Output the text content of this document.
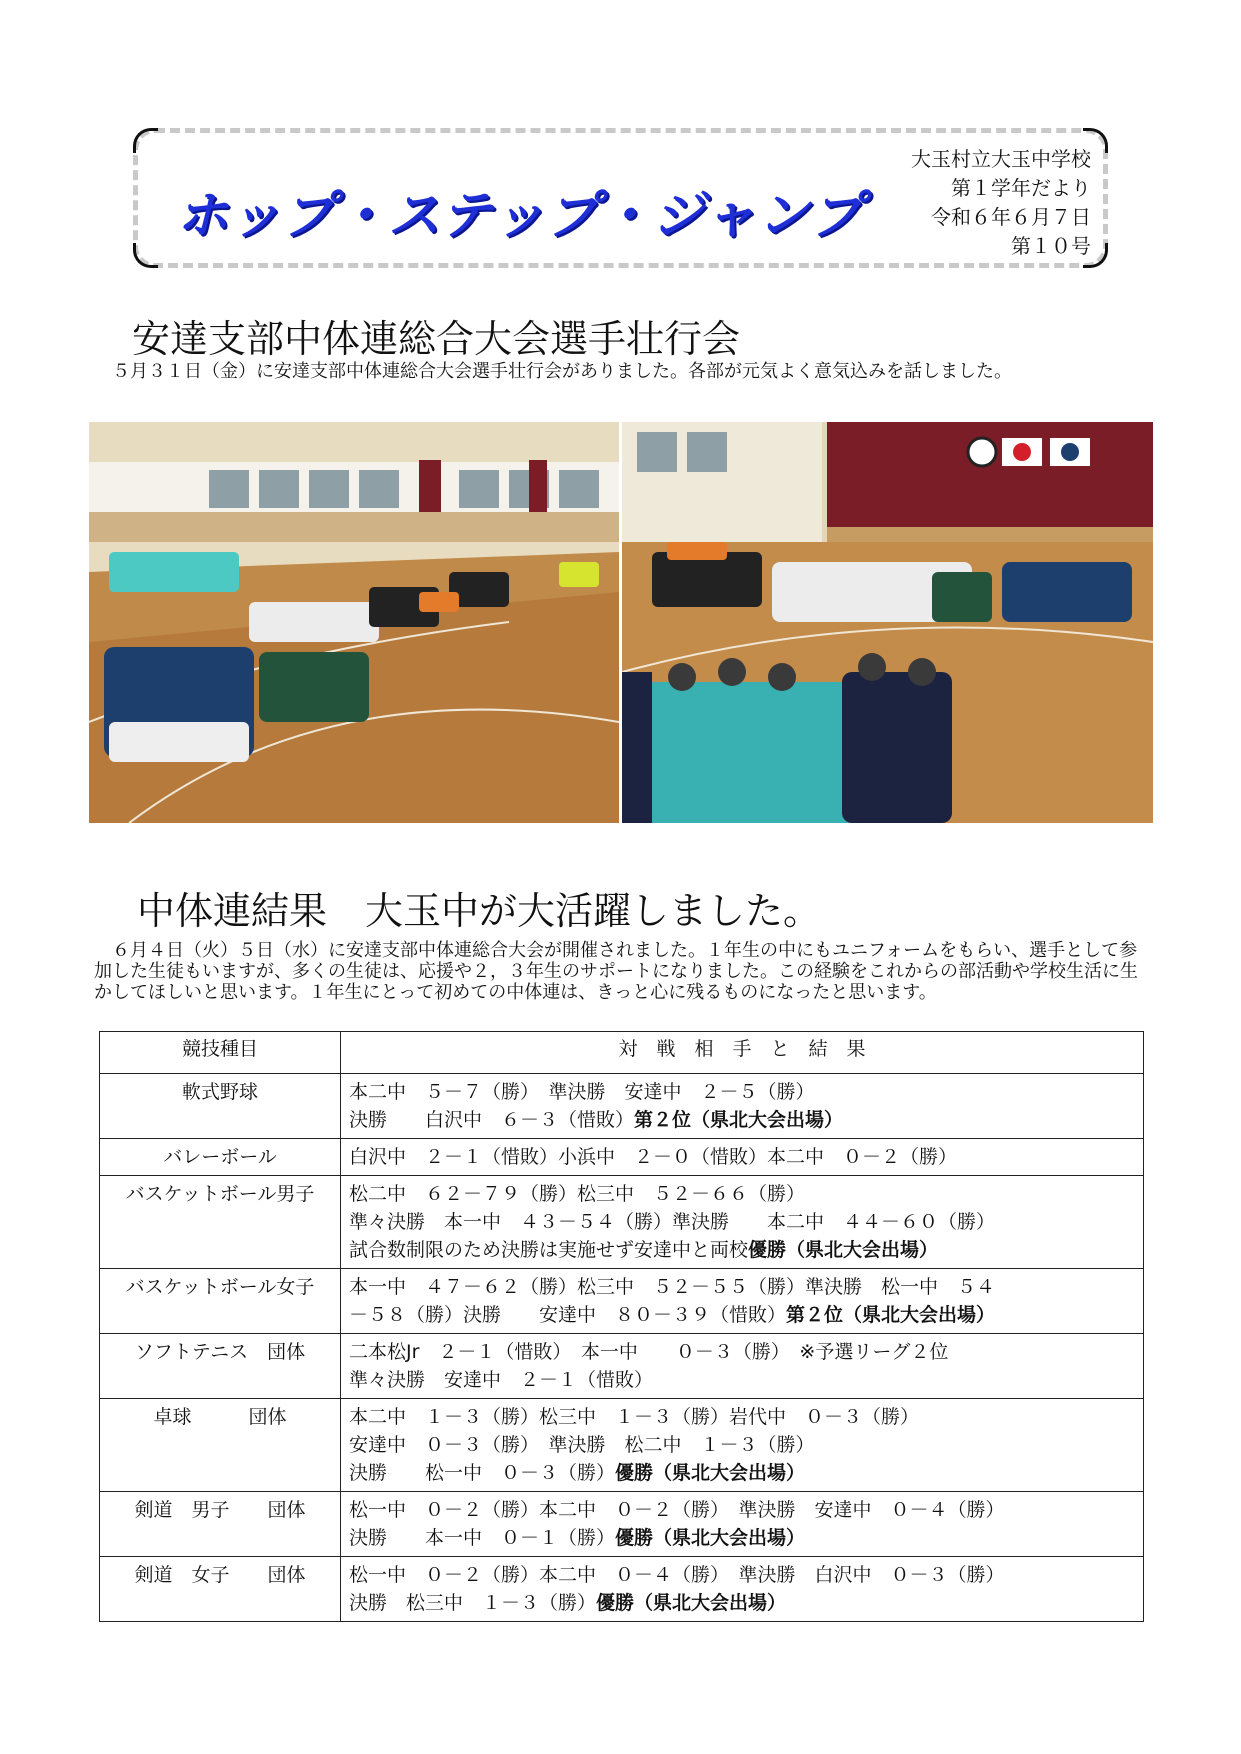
ホップ・ステップ・ジャンプ
大玉村立大玉中学校
第１学年だより
令和６年６月７日
第１０号
安達支部中体連総合大会選手壮行会
　５月３１日（金）に安達支部中体連総合大会選手壮行会がありました。各部が元気よく意気込みを話しました。
中体連結果　大玉中が大活躍しました。
　６月４日（火）５日（水）に安達支部中体連総合大会が開催されました。１年生の中にもユニフォームをもらい、選手として参加した生徒もいますが、多くの生徒は、応援や２，３年生のサポートになりました。この経験をこれからの部活動や学校生活に生かしてほしいと思います。１年生にとって初めての中体連は、きっと心に残るものになったと思います。
競技種目	対　戦　相　手　と　結　果
軟式野球	本二中　５－７（勝）　準決勝　安達中　２－５（勝）
決勝　　白沢中　６－３（惜敗）第２位（県北大会出場）

バレーボール	白沢中　２－１（惜敗）小浜中　２－０（惜敗）本二中　０－２（勝）

バスケットボール男子	松二中　６２－７９（勝）松三中　５２－６６（勝）
準々決勝　本一中　４３－５４（勝）準決勝　　本二中　４４－６０（勝）
試合数制限のため決勝は実施せず安達中と両校優勝（県北大会出場）

バスケットボール女子	本一中　４７－６２（勝）松三中　５２－５５（勝）準決勝　松一中　５４
－５８（勝）決勝　　安達中　８０－３９（惜敗）第２位（県北大会出場）

ソフトテニス　団体	二本松Jr　２－１（惜敗）　本一中　　０－３（勝）　※予選リーグ２位
準々決勝　安達中　２－１（惜敗）

卓球　　　団体	本二中　１－３（勝）松三中　１－３（勝）岩代中　０－３（勝）
安達中　０－３（勝）　準決勝　松二中　１－３（勝）
決勝　　松一中　０－３（勝）優勝（県北大会出場）

剣道　男子　　団体	松一中　０－２（勝）本二中　０－２（勝）　準決勝　安達中　０－４（勝）
決勝　　本一中　０－１（勝）優勝（県北大会出場）

剣道　女子　　団体	松一中　０－２（勝）本二中　０－４（勝）　準決勝　白沢中　０－３（勝）
決勝　松三中　１－３（勝）優勝（県北大会出場）
